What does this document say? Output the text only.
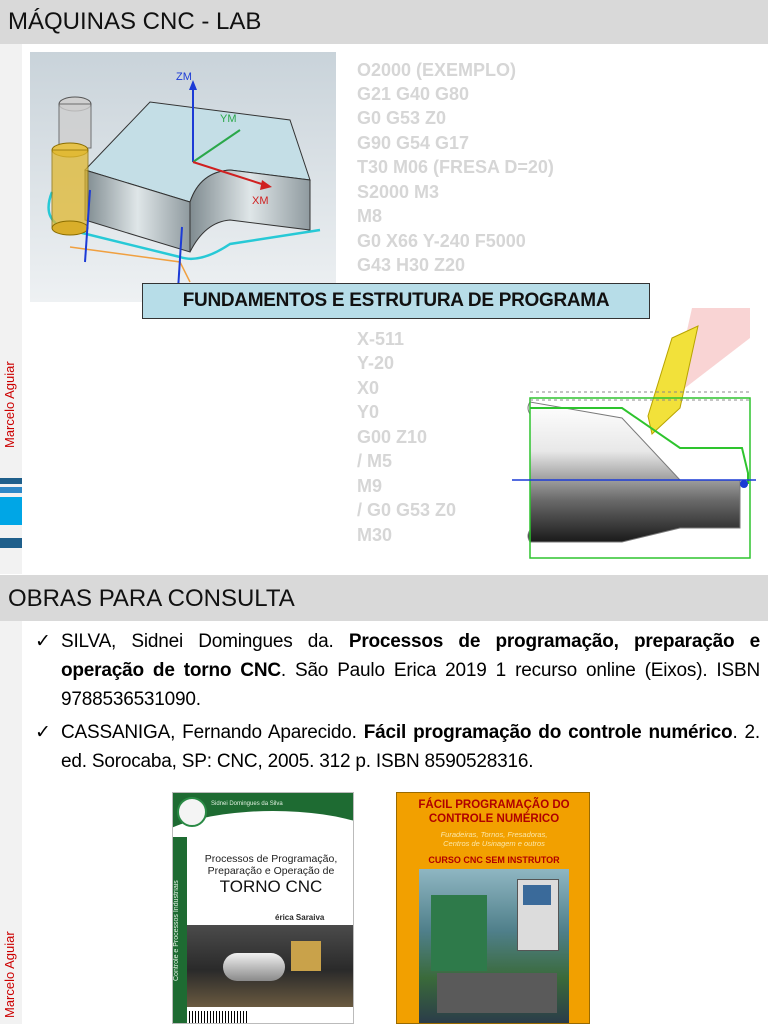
MÁQUINAS CNC - LAB
Marcelo Aguiar
ZM
YM
XM
O2000 (EXEMPLO)
G21 G40 G80
G0 G53 Z0
G90 G54 G17
T30 M06 (FRESA D=20)
S2000 M3
M8
G0 X66 Y-240 F5000
G43 H30 Z20
X-511
Y-20
X0
Y0
G00 Z10
/ M5
M9
/ G0 G53 Z0
M30
FUNDAMENTOS E ESTRUTURA DE PROGRAMA
OBRAS PARA CONSULTA
Marcelo Aguiar
✓ SILVA, Sidnei Domingues da. Processos de programação, preparação e operação de torno CNC. São Paulo Erica 2019 1 recurso online (Eixos). ISBN 9788536531090.
✓ CASSANIGA, Fernando Aparecido. Fácil programação do controle numérico. 2. ed. Sorocaba, SP: CNC, 2005. 312 p. ISBN 8590528316.
Sidnei Domingues da Silva
Controle e Processos Industriais
Processos de Programação,
Preparação e Operação de
TORNO CNC
érica Saraiva
FÁCIL PROGRAMAÇÃO DO
CONTROLE NUMÉRICO
Furadeiras, Tornos, Fresadoras,
Centros de Usinagem e outros
CURSO CNC SEM INSTRUTOR
